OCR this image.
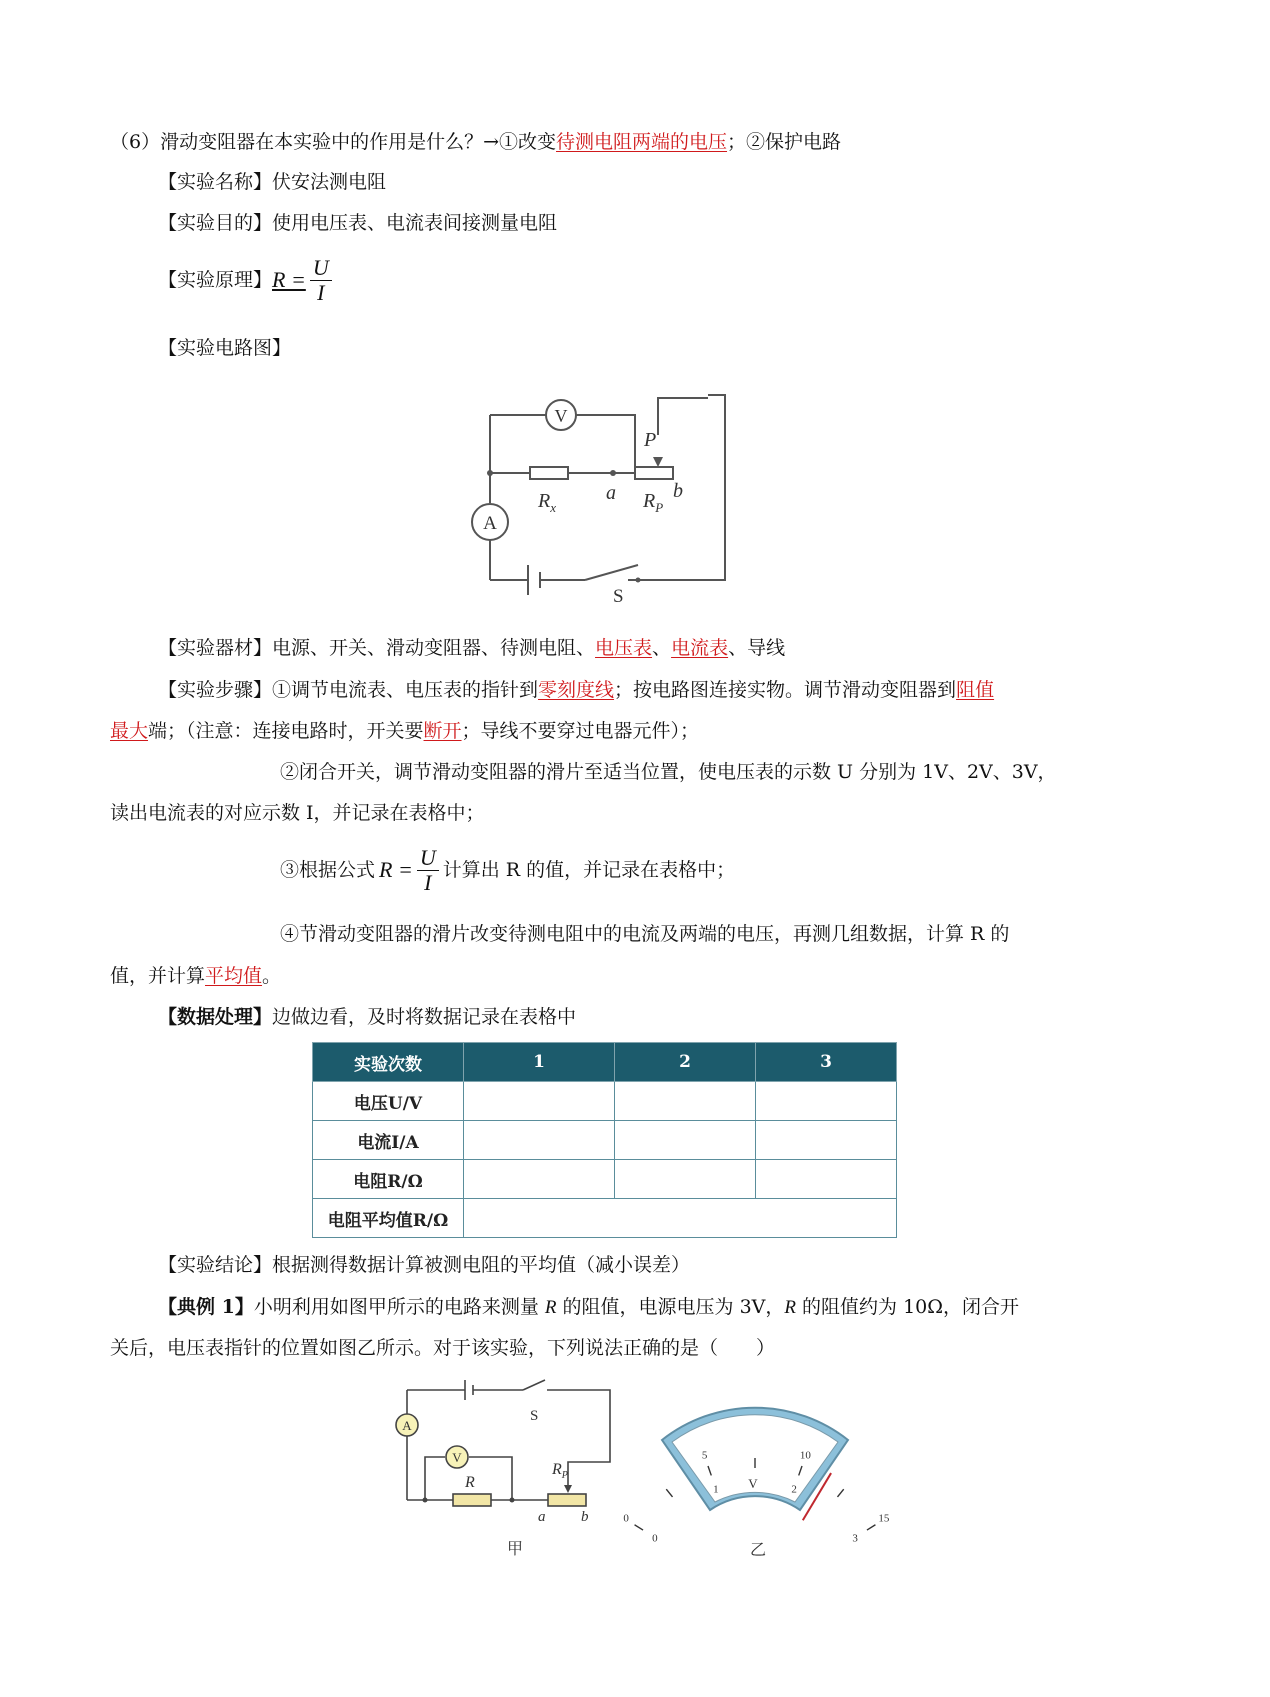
（6）滑动变阻器在本实验中的作用是什么？→①改变待测电阻两端的电压；②保护电路
【实验名称】伏安法测电阻
【实验目的】使用电压表、电流表间接测量电阻
【实验原理】$R = \frac{U}{I}$
【实验电路图】
V
A
$R_x$
a $R_P$
b
P
S
【实验器材】电源、开关、滑动变阻器、待测电阻、电压表、电流表、导线
【实验步骤】①调节电流表、电压表的指针到零刻度线；按电路图连接实物。调节滑动变阻器到阻值
最大端；（注意：连接电路时，开关要断开；导线不要穿过电器元件）；
②闭合开关，调节滑动变阻器的滑片至适当位置，使电压表的示数 U 分别为 1V、2V、3V，
读出电流表的对应示数 I，并记录在表格中；
③根据公式 $R = \frac{U}{I}$ 计算出 R 的值，并记录在表格中；
④节滑动变阻器的滑片改变待测电阻中的电流及两端的电压，再测几组数据，计算 R 的
值，并计算平均值。
【数据处理】边做边看，及时将数据记录在表格中
实验次数	1	2	3
电压U/V			
电流I/A			
电阻R/Ω			
电阻平均值R/Ω			
【实验结论】根据测得数据计算被测电阻的平均值（减小误差）
【典例 1】小明利用如图甲所示的电路来测量 R 的阻值，电源电压为 3V，R 的阻值约为 10Ω，闭合开
关后，电压表指针的位置如图乙所示。对于该实验，下列说法正确的是（　　）
A
V
R
$R_P$
S
a b
甲
0
5	10
15
0
1	2
3
V
乙
